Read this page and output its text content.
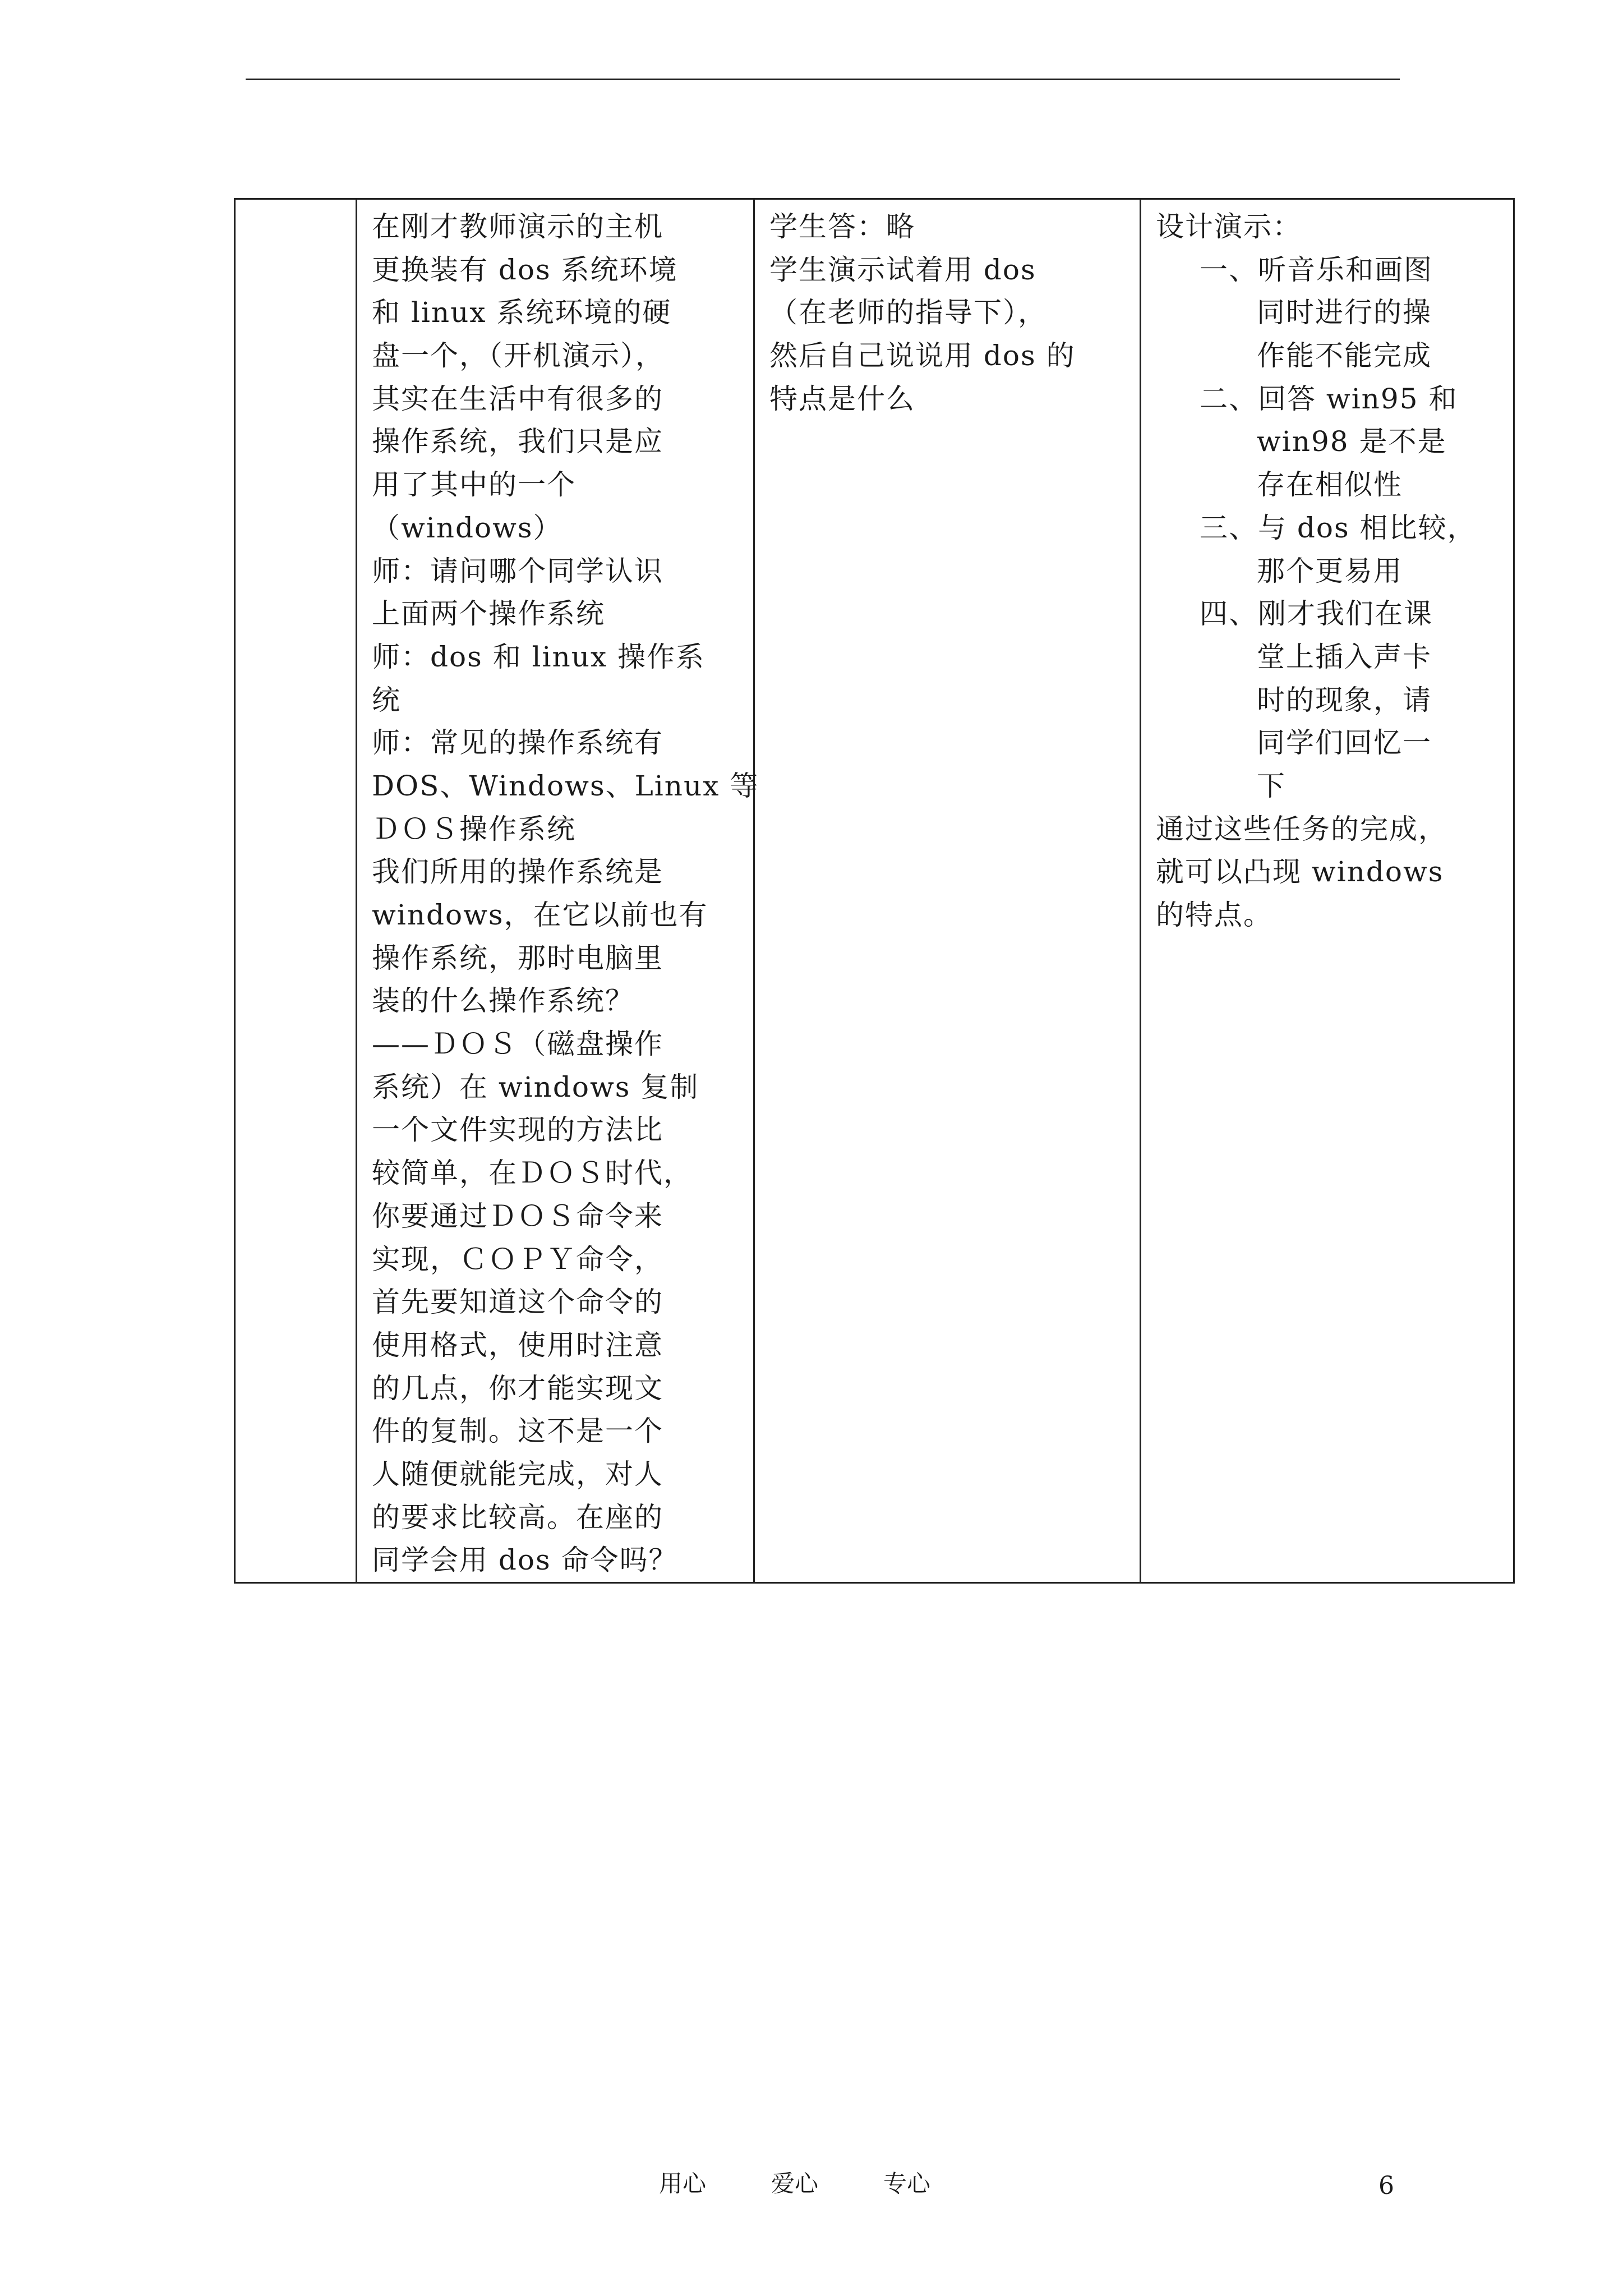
在刚才教师演示的主机
更换装有 dos 系统环境
和 linux 系统环境的硬
盘一个，（开机演示），
其实在生活中有很多的
操作系统，我们只是应
用了其中的一个
（windows）
师：请问哪个同学认识
上面两个操作系统
师：dos 和 linux 操作系
统
师：常见的操作系统有
DOS、Windows、Linux 等
ＤＯＳ操作系统
我们所用的操作系统是
windows，在它以前也有
操作系统，那时电脑里
装的什么操作系统？
——ＤＯＳ（磁盘操作
系统）在 windows 复制
一个文件实现的方法比
较简单，在ＤＯＳ时代，
你要通过ＤＯＳ命令来
实现，ＣＯＰＹ命令，
首先要知道这个命令的
使用格式，使用时注意
的几点，你才能实现文
件的复制。这不是一个
人随便就能完成，对人
的要求比较高。在座的
同学会用 dos 命令吗？

学生答：略
学生演示试着用 dos
（在老师的指导下），
然后自己说说用 dos 的
特点是什么

设计演示：
一、听音乐和画图
同时进行的操
作能不能完成
二、回答 win95 和
win98 是不是
存在相似性
三、与 dos 相比较，
那个更易用
四、刚才我们在课
堂上插入声卡
时的现象，请
同学们回忆一
下
通过这些任务的完成，
就可以凸现 windows
的特点。
用心	爱心	专心	6
